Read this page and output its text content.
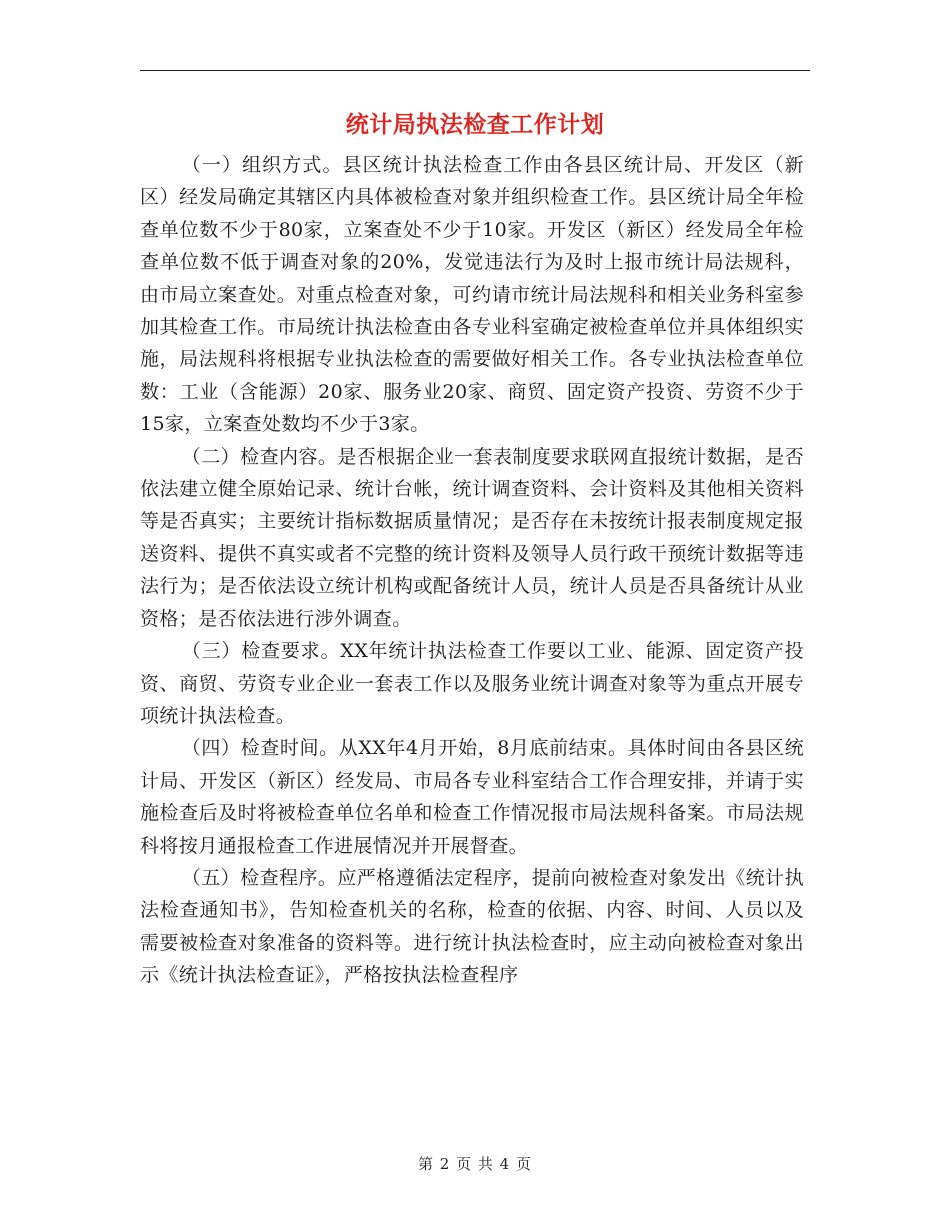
统计局执法检查工作计划

（一）组织方式。县区统计执法检查工作由各县区统计局、开发区（新区）经发局确定其辖区内具体被检查对象并组织检查工作。县区统计局全年检查单位数不少于80家，立案查处不少于10家。开发区（新区）经发局全年检查单位数不低于调查对象的20%，发觉违法行为及时上报市统计局法规科，由市局立案查处。对重点检查对象，可约请市统计局法规科和相关业务科室参加其检查工作。市局统计执法检查由各专业科室确定被检查单位并具体组织实施，局法规科将根据专业执法检查的需要做好相关工作。各专业执法检查单位数：工业（含能源）20家、服务业20家、商贸、固定资产投资、劳资不少于15家，立案查处数均不少于3家。

（二）检查内容。是否根据企业一套表制度要求联网直报统计数据，是否依法建立健全原始记录、统计台帐，统计调查资料、会计资料及其他相关资料等是否真实；主要统计指标数据质量情况；是否存在未按统计报表制度规定报送资料、提供不真实或者不完整的统计资料及领导人员行政干预统计数据等违法行为；是否依法设立统计机构或配备统计人员，统计人员是否具备统计从业资格；是否依法进行涉外调查。

（三）检查要求。XX年统计执法检查工作要以工业、能源、固定资产投资、商贸、劳资专业企业一套表工作以及服务业统计调查对象等为重点开展专项统计执法检查。

（四）检查时间。从XX年4月开始，8月底前结束。具体时间由各县区统计局、开发区（新区）经发局、市局各专业科室结合工作合理安排，并请于实施检查后及时将被检查单位名单和检查工作情况报市局法规科备案。市局法规科将按月通报检查工作进展情况并开展督查。

（五）检查程序。应严格遵循法定程序，提前向被检查对象发出《统计执法检查通知书》，告知检查机关的名称，检查的依据、内容、时间、人员以及需要被检查对象准备的资料等。进行统计执法检查时，应主动向被检查对象出示《统计执法检查证》，严格按执法检查程序

第 2 页 共 4 页
